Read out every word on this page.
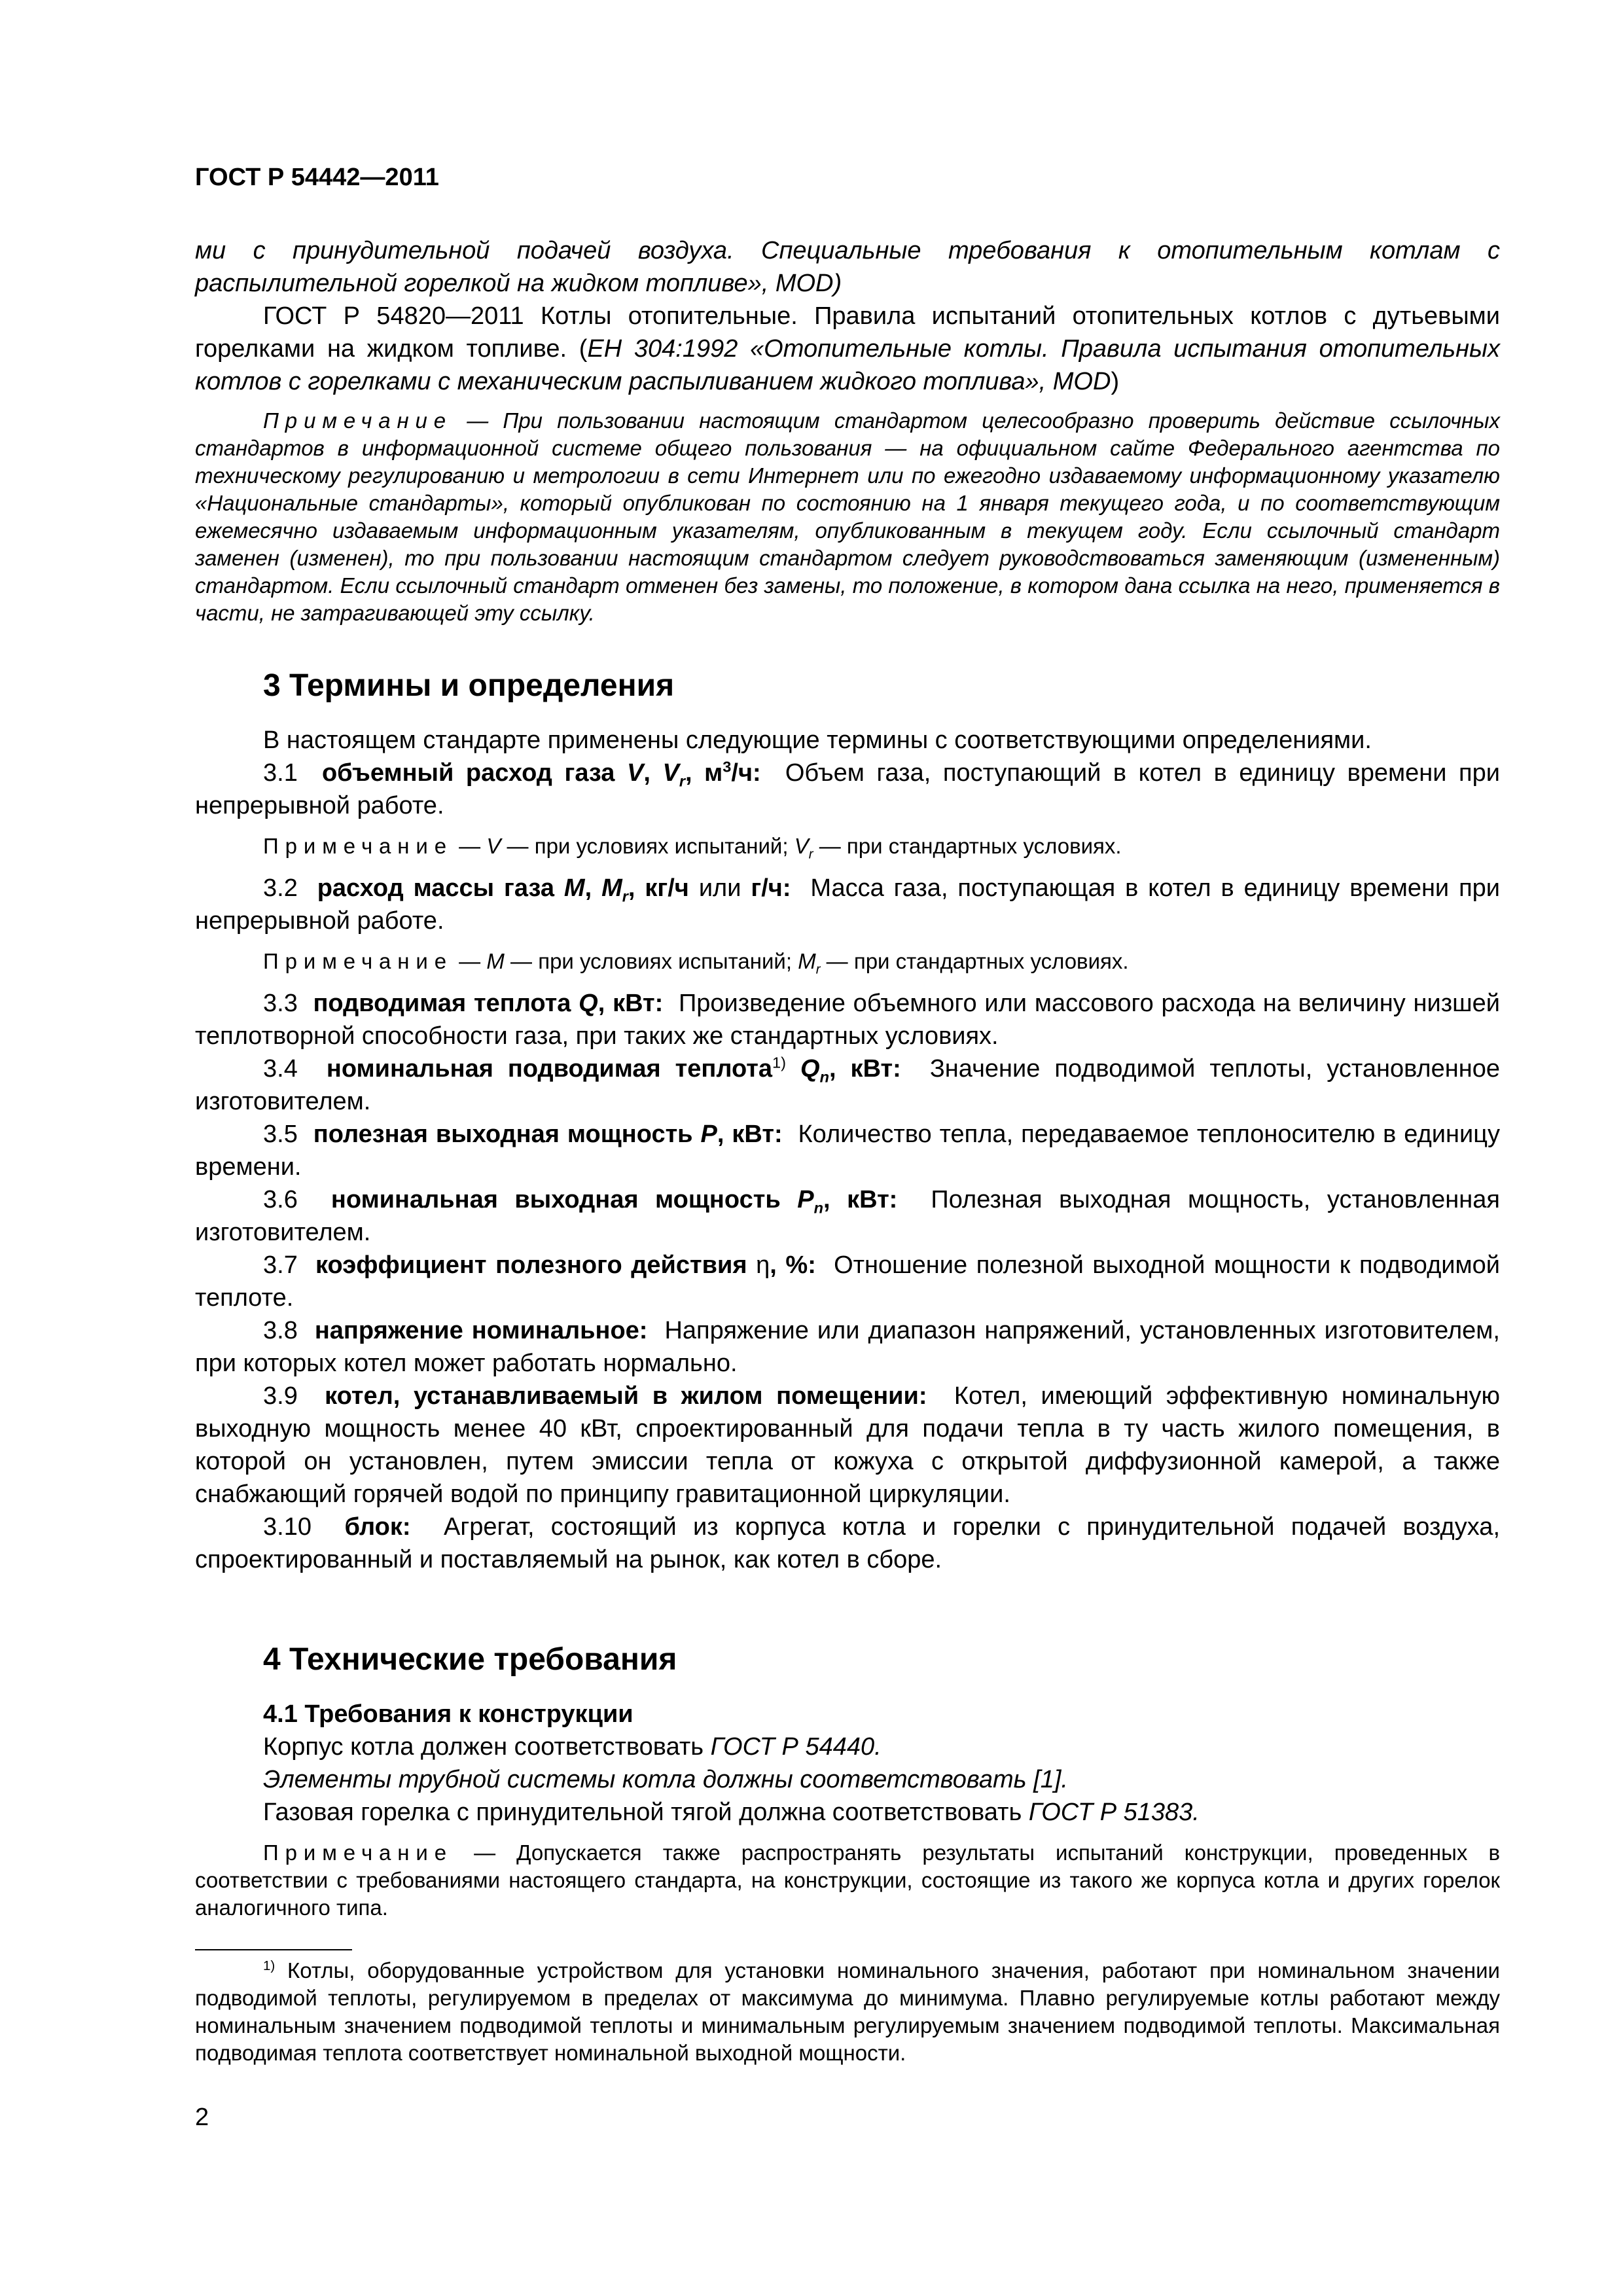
ГОСТ Р 54442—2011

ми с принудительной подачей воздуха. Специальные требования к отопительным котлам с распылительной горелкой на жидком топливе», MOD)

ГОСТ Р 54820—2011 Котлы отопительные. Правила испытаний отопительных котлов с дутьевыми горелками на жидком топливе. (ЕН 304:1992 «Отопительные котлы. Правила испытания отопительных котлов с горелками с механическим распыливанием жидкого топлива», MOD)

Примечание — При пользовании настоящим стандартом целесообразно проверить действие ссылочных стандартов в информационной системе общего пользования — на официальном сайте Федерального агентства по техническому регулированию и метрологии в сети Интернет или по ежегодно издаваемому информационному указателю «Национальные стандарты», который опубликован по состоянию на 1 января текущего года, и по соответствующим ежемесячно издаваемым информационным указателям, опубликованным в текущем году. Если ссылочный стандарт заменен (изменен), то при пользовании настоящим стандартом следует руководствоваться заменяющим (измененным) стандартом. Если ссылочный стандарт отменен без замены, то положение, в котором дана ссылка на него, применяется в части, не затрагивающей эту ссылку.

3 Термины и определения

В настоящем стандарте применены следующие термины с соответствующими определениями.

3.1 объемный расход газа V, $V_r$, $м^3/ч$: Объем газа, поступающий в котел в единицу времени при непрерывной работе.

Примечание — V — при условиях испытаний; $V_r$ — при стандартных условиях.

3.2 расход массы газа M, $M_r$, кг/ч или г/ч: Масса газа, поступающая в котел в единицу времени при непрерывной работе.

Примечание — M — при условиях испытаний; $M_r$ — при стандартных условиях.

3.3 подводимая теплота Q, кВт: Произведение объемного или массового расхода на величину низшей теплотворной способности газа, при таких же стандартных условиях.

3.4 номинальная подводимая теплота$^{1)}$ $Q_n$, кВт: Значение подводимой теплоты, установленное изготовителем.

3.5 полезная выходная мощность P, кВт: Количество тепла, передаваемое теплоносителю в единицу времени.

3.6 номинальная выходная мощность $P_n$, кВт: Полезная выходная мощность, установленная изготовителем.

3.7 коэффициент полезного действия η, %: Отношение полезной выходной мощности к подводимой теплоте.

3.8 напряжение номинальное: Напряжение или диапазон напряжений, установленных изготовителем, при которых котел может работать нормально.

3.9 котел, устанавливаемый в жилом помещении: Котел, имеющий эффективную номинальную выходную мощность менее 40 кВт, спроектированный для подачи тепла в ту часть жилого помещения, в которой он установлен, путем эмиссии тепла от кожуха с открытой диффузионной камерой, а также снабжающий горячей водой по принципу гравитационной циркуляции.

3.10 блок: Агрегат, состоящий из корпуса котла и горелки с принудительной подачей воздуха, спроектированный и поставляемый на рынок, как котел в сборе.

4 Технические требования
4.1 Требования к конструкции

Корпус котла должен соответствовать ГОСТ Р 54440.

Элементы трубной системы котла должны соответствовать [1].

Газовая горелка с принудительной тягой должна соответствовать ГОСТ Р 51383.

Примечание — Допускается также распространять результаты испытаний конструкции, проведенных в соответствии с требованиями настоящего стандарта, на конструкции, состоящие из такого же корпуса котла и других горелок аналогичного типа.

$^{1)}$ Котлы, оборудованные устройством для установки номинального значения, работают при номинальном значении подводимой теплоты, регулируемом в пределах от максимума до минимума. Плавно регулируемые котлы работают между номинальным значением подводимой теплоты и минимальным регулируемым значением подводимой теплоты. Максимальная подводимая теплота соответствует номинальной выходной мощности.

2
